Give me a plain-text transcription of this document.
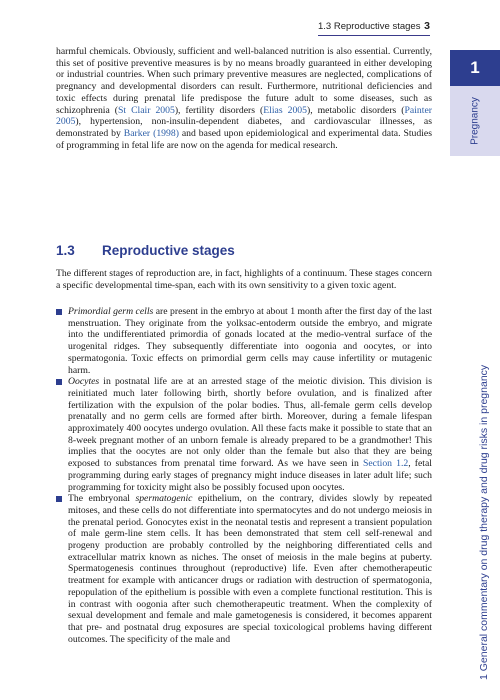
1.3 Reproductive stages 3
1
Pregnancy

harmful chemicals. Obviously, sufficient and well-balanced nutrition is also essential. Currently, this set of positive preventive measures is by no means broadly guaranteed in either developing or industrial countries. When such primary preventive measures are neglected, complications of pregnancy and developmental disorders can result. Furthermore, nutritional deficiencies and toxic effects during prenatal life predispose the future adult to some diseases, such as schizophrenia (St Clair 2005), fertility disorders (Elias 2005), metabolic disorders (Painter 2005), hypertension, non-insulin-dependent diabetes, and cardiovascular illnesses, as demonstrated by Barker (1998) and based upon epidemiological and experimental data. Studies of programming in fetal life are now on the agenda for medical research.

1.3 Reproductive stages
The different stages of reproduction are, in fact, highlights of a continuum. These stages concern a specific developmental time-span, each with its own sensitivity to a given toxic agent.
Primordial germ cells are present in the embryo at about 1 month after the first day of the last menstruation. They originate from the yolksac-entoderm outside the embryo, and migrate into the undifferentiated primordia of gonads located at the medio-ventral surface of the urogenital ridges. They subsequently differentiate into oogonia and oocytes, or into spermatogonia. Toxic effects on primordial germ cells may cause infertility or mutagenic harm.
Oocytes in postnatal life are at an arrested stage of the meiotic division. This division is reinitiated much later following birth, shortly before ovulation, and is finalized after fertilization with the expulsion of the polar bodies. Thus, all-female germ cells develop prenatally and no germ cells are formed after birth. Moreover, during a female lifespan approximately 400 oocytes undergo ovulation. All these facts make it possible to state that an 8-week pregnant mother of an unborn female is already prepared to be a grandmother! This implies that the oocytes are not only older than the female but also that they are being exposed to substances from prenatal time forward. As we have seen in Section 1.2, fetal programming during early stages of pregnancy might induce diseases in later adult life; such programming for toxicity might also be possibly focused upon oocytes.
The embryonal spermatogenic epithelium, on the contrary, divides slowly by repeated mitoses, and these cells do not differentiate into spermatocytes and do not undergo meiosis in the prenatal period. Gonocytes exist in the neonatal testis and represent a transient population of male germ-line stem cells. It has been demonstrated that stem cell self-renewal and progeny production are probably controlled by the neighboring differentiated cells and extracellular matrix known as niches. The onset of meiosis in the male begins at puberty. Spermatogenesis continues throughout (reproductive) life. Even after chemotherapeutic treatment for example with anticancer drugs or radiation with destruction of spermatogonia, repopulation of the epithelium is possible with even a complete functional restitution. This is in contrast with oogonia after such chemotherapeutic treatment. When the complexity of sexual development and female and male gametogenesis is considered, it becomes apparent that pre- and postnatal drug exposures are special toxicological problems having different outcomes. The specificity of the male and	1 General commentary on drug therapy and drug risks in pregnancy
